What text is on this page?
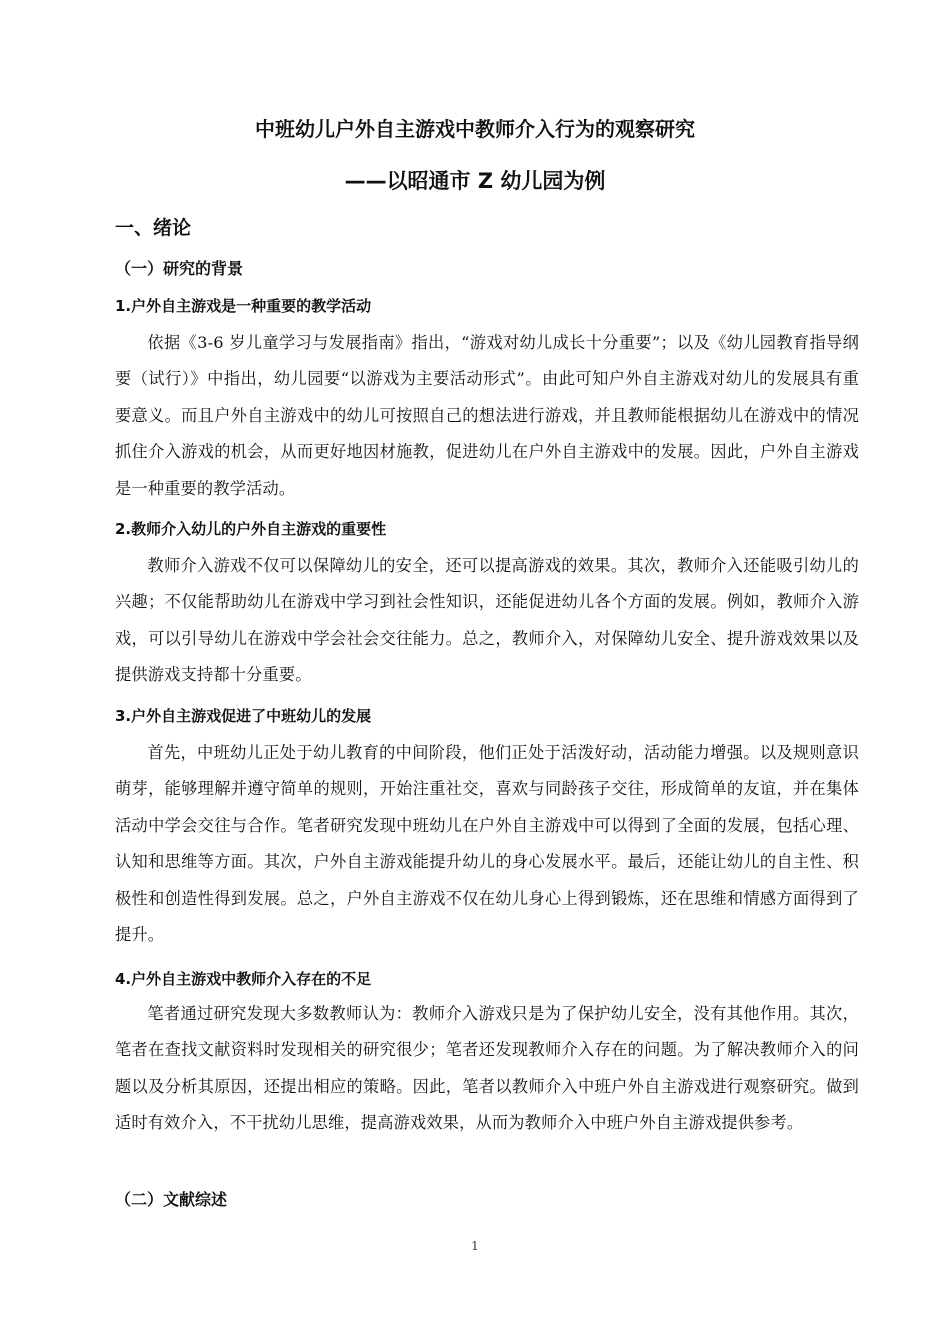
中班幼儿户外自主游戏中教师介入行为的观察研究
——以昭通市 Z 幼儿园为例
一、绪论
（一）研究的背景
1.户外自主游戏是一种重要的教学活动

依据《3-6 岁儿童学习与发展指南》指出，“游戏对幼儿成长十分重要”；以及《幼儿园教育指导纲要（试行）》中指出，幼儿园要“以游戏为主要活动形式”。由此可知户外自主游戏对幼儿的发展具有重要意义。而且户外自主游戏中的幼儿可按照自己的想法进行游戏，并且教师能根据幼儿在游戏中的情况抓住介入游戏的机会，从而更好地因材施教，促进幼儿在户外自主游戏中的发展。因此，户外自主游戏是一种重要的教学活动。

2.教师介入幼儿的户外自主游戏的重要性

教师介入游戏不仅可以保障幼儿的安全，还可以提高游戏的效果。其次，教师介入还能吸引幼儿的兴趣；不仅能帮助幼儿在游戏中学习到社会性知识，还能促进幼儿各个方面的发展。例如，教师介入游戏，可以引导幼儿在游戏中学会社会交往能力。总之，教师介入，对保障幼儿安全、提升游戏效果以及提供游戏支持都十分重要。

3.户外自主游戏促进了中班幼儿的发展

首先，中班幼儿正处于幼儿教育的中间阶段，他们正处于活泼好动，活动能力增强。以及规则意识萌芽，能够理解并遵守简单的规则，开始注重社交，喜欢与同龄孩子交往，形成简单的友谊，并在集体活动中学会交往与合作。笔者研究发现中班幼儿在户外自主游戏中可以得到了全面的发展，包括心理、认知和思维等方面。其次，户外自主游戏能提升幼儿的身心发展水平。最后，还能让幼儿的自主性、积极性和创造性得到发展。总之，户外自主游戏不仅在幼儿身心上得到锻炼，还在思维和情感方面得到了提升。

4.户外自主游戏中教师介入存在的不足

笔者通过研究发现大多数教师认为：教师介入游戏只是为了保护幼儿安全，没有其他作用。其次，笔者在查找文献资料时发现相关的研究很少；笔者还发现教师介入存在的问题。为了解决教师介入的问题以及分析其原因，还提出相应的策略。因此，笔者以教师介入中班户外自主游戏进行观察研究。做到适时有效介入，不干扰幼儿思维，提高游戏效果，从而为教师介入中班户外自主游戏提供参考。

（二）文献综述
1
